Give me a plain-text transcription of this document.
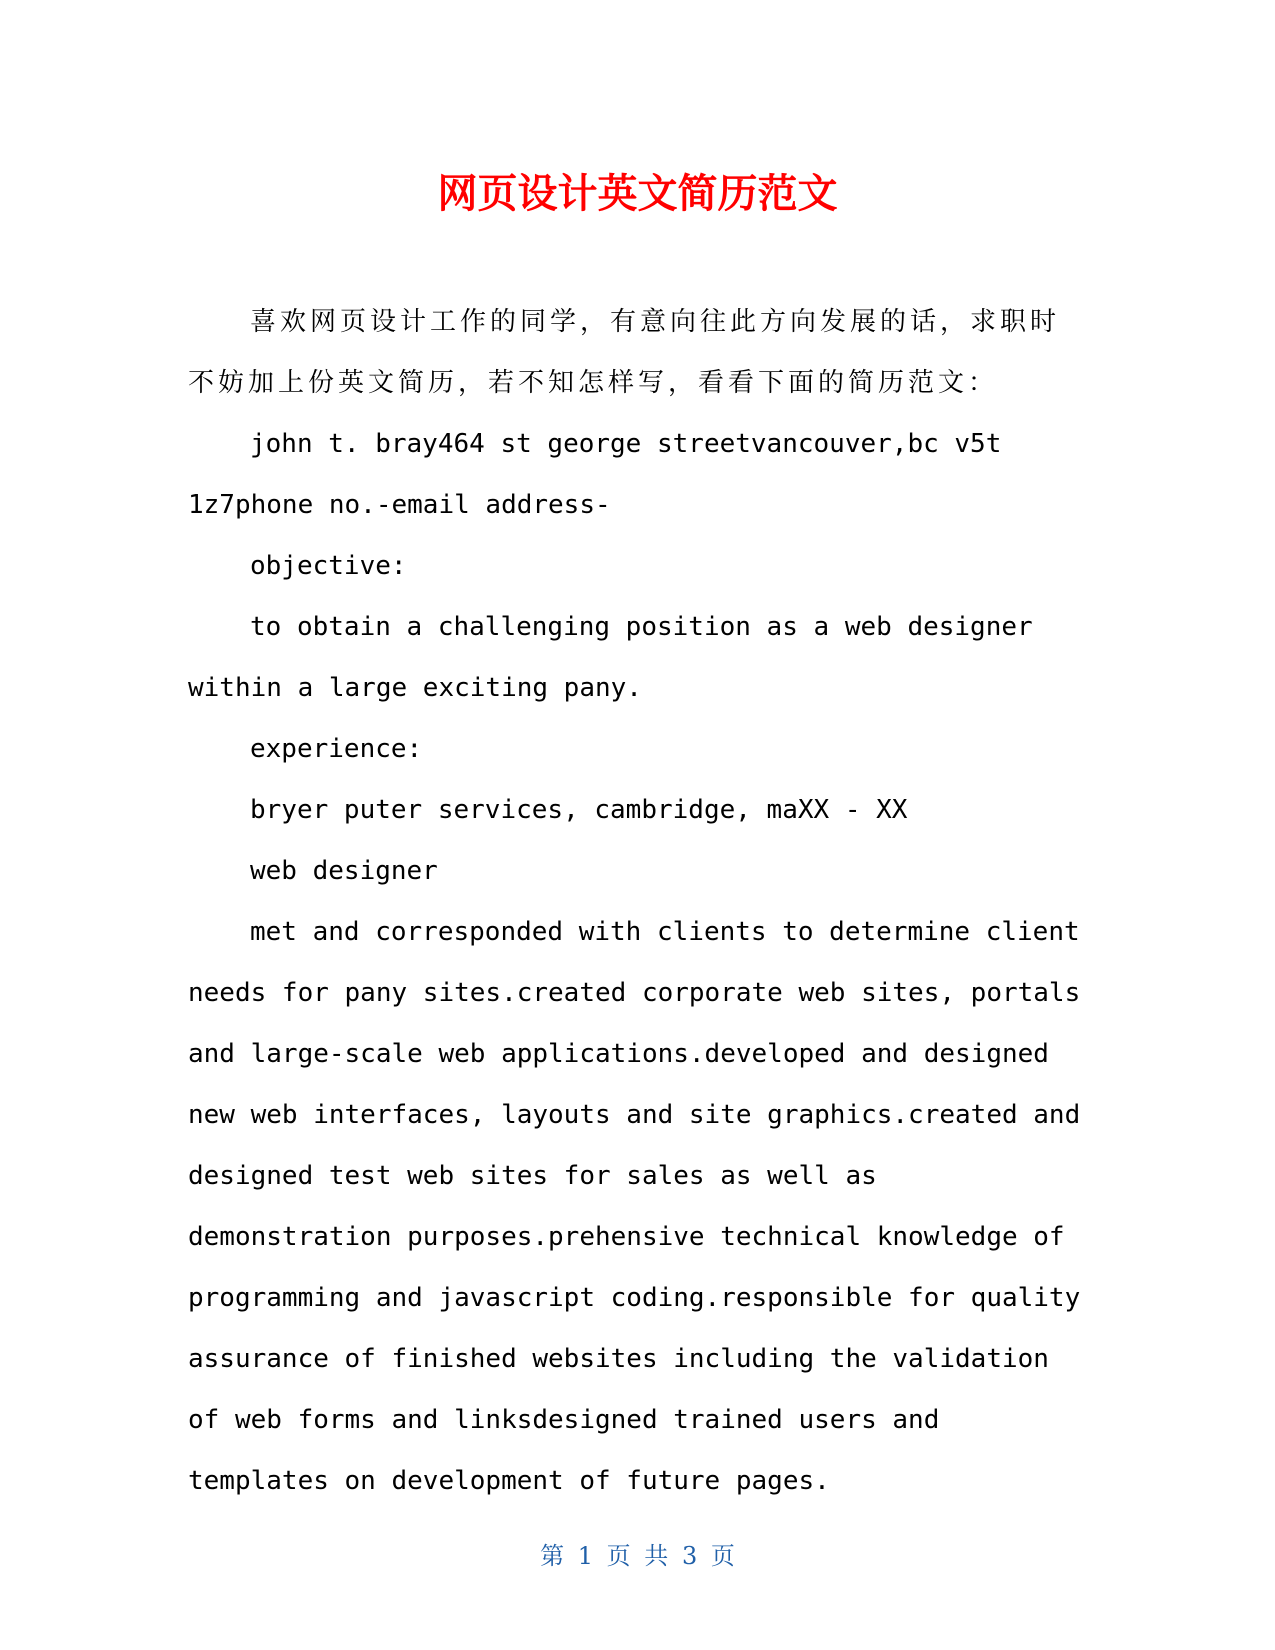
网页设计英文简历范文

喜欢网页设计工作的同学，有意向往此方向发展的话，求职时不妨加上份英文简历，若不知怎样写，看看下面的简历范文：

john t. bray464 st george streetvancouver,bc v5t 1z7phone no.-email address-

objective:

to obtain a challenging position as a web designer within a large exciting pany.

experience:

bryer puter services, cambridge, maXX - XX

web designer

met and corresponded with clients to determine client needs for pany sites.created corporate web sites, portals and large-scale web applications.developed and designed new web interfaces, layouts and site graphics.created and designed test web sites for sales as well as demonstration purposes.prehensive technical knowledge of programming and javascript coding.responsible for quality assurance of finished websites including the validation of web forms and linksdesigned trained users and templates on development of future pages.

第 1 页 共 3 页
